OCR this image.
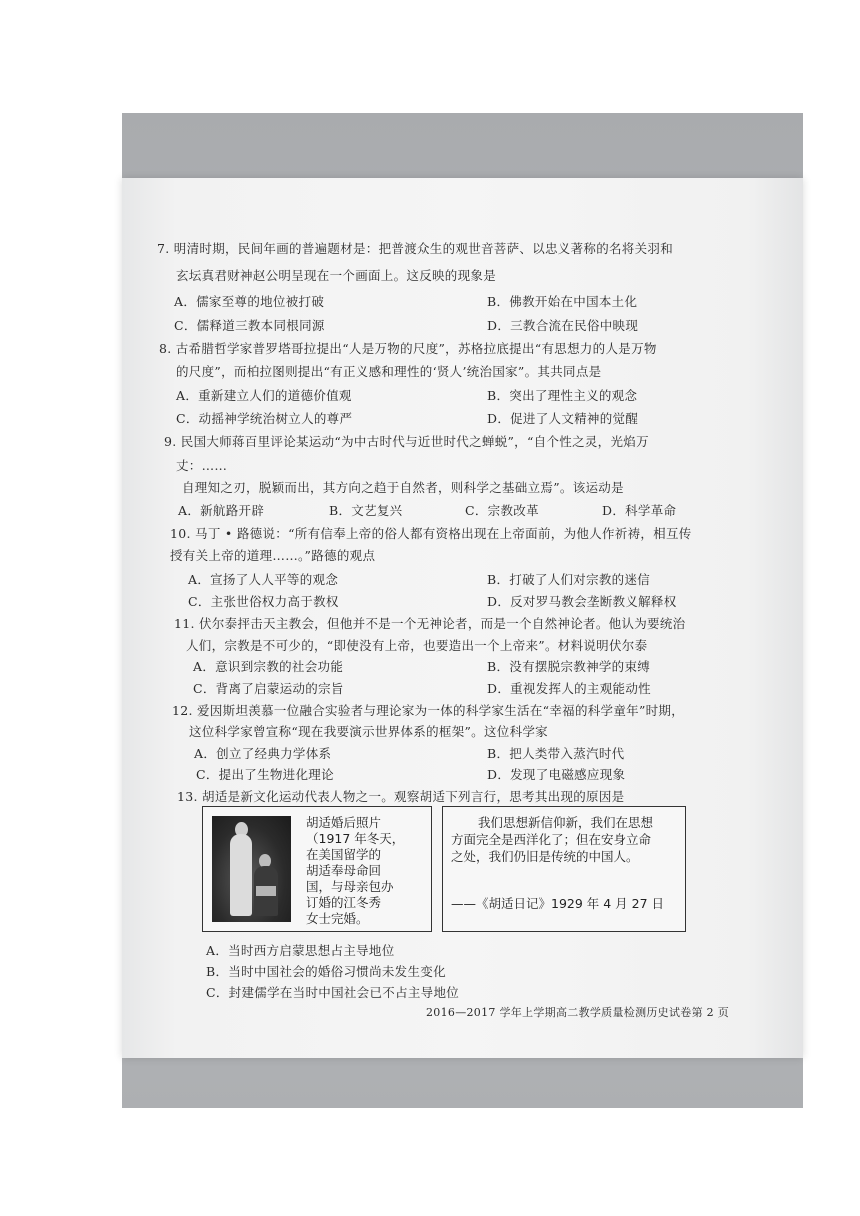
7. 明清时期，民间年画的普遍题材是：把普渡众生的观世音菩萨、以忠义著称的名将关羽和
玄坛真君财神赵公明呈现在一个画面上。这反映的现象是
A．儒家至尊的地位被打破	B．佛教开始在中国本土化
C．儒释道三教本同根同源	D．三教合流在民俗中映现
8. 古希腊哲学家普罗塔哥拉提出“人是万物的尺度”，苏格拉底提出“有思想力的人是万物
的尺度”，而柏拉图则提出“有正义感和理性的‘贤人’统治国家”。其共同点是
A．重新建立人们的道德价值观	B．突出了理性主义的观念
C．动摇神学统治树立人的尊严	D．促进了人文精神的觉醒
9. 民国大师蒋百里评论某运动“为中古时代与近世时代之蝉蜕”，“自个性之灵，光焰万
丈：……
自理知之刃，脱颖而出，其方向之趋于自然者，则科学之基础立焉”。该运动是
A．新航路开辟	B．文艺复兴	C．宗教改革	D．科学革命
10. 马丁 • 路德说：“所有信奉上帝的俗人都有资格出现在上帝面前，为他人作祈祷，相互传
授有关上帝的道理……。”路德的观点
A．宣扬了人人平等的观念	B．打破了人们对宗教的迷信
C．主张世俗权力高于教权	D．反对罗马教会垄断教义解释权
11. 伏尔泰抨击天主教会，但他并不是一个无神论者，而是一个自然神论者。他认为要统治
人们，宗教是不可少的，“即使没有上帝，也要造出一个上帝来”。材料说明伏尔泰
A．意识到宗教的社会功能	B．没有摆脱宗教神学的束缚
C．背离了启蒙运动的宗旨	D．重视发挥人的主观能动性
12. 爱因斯坦羡慕一位融合实验者与理论家为一体的科学家生活在“幸福的科学童年”时期，
这位科学家曾宣称“现在我要演示世界体系的框架”。这位科学家
A．创立了经典力学体系	B．把人类带入蒸汽时代
C．提出了生物进化理论	D．发现了电磁感应现象
13. 胡适是新文化运动代表人物之一。观察胡适下列言行，思考其出现的原因是
胡适婚后照片
（1917 年冬天，
在美国留学的
胡适奉母命回
国，与母亲包办
订婚的江冬秀
女士完婚。
我们思想新信仰新，我们在思想
方面完全是西洋化了；但在安身立命
之处，我们仍旧是传统的中国人。
——《胡适日记》1929 年 4 月 27 日
A．当时西方启蒙思想占主导地位
B．当时中国社会的婚俗习惯尚未发生变化
C．封建儒学在当时中国社会已不占主导地位
2016—2017 学年上学期高二教学质量检测历史试卷第 2 页
